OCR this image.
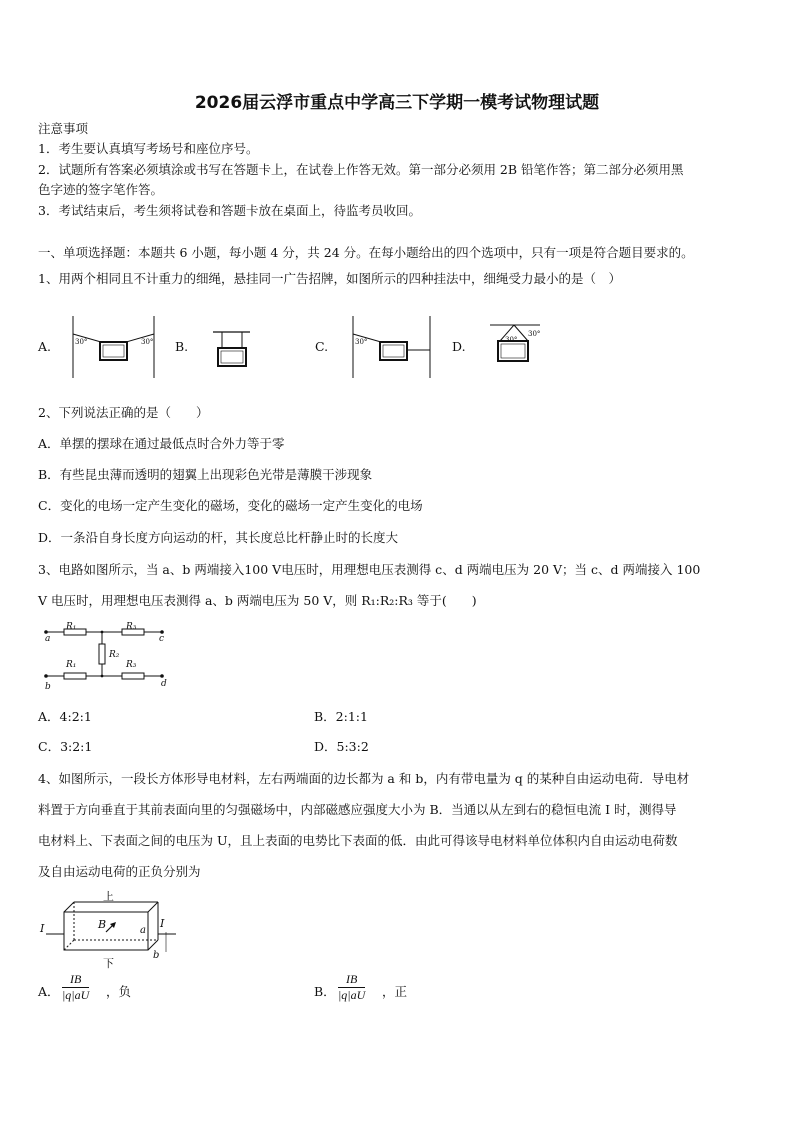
2026届云浮市重点中学高三下学期一模考试物理试题
注意事项
1．考生要认真填写考场号和座位序号。
2．试题所有答案必须填涂或书写在答题卡上，在试卷上作答无效。第一部分必须用 2B 铅笔作答；第二部分必须用黑
色字迹的签字笔作答。
3．考试结束后，考生须将试卷和答题卡放在桌面上，待监考员收回。
一、单项选择题：本题共 6 小题，每小题 4 分，共 24 分。在每小题给出的四个选项中，只有一项是符合题目要求的。
1、用两个相同且不计重力的细绳，悬挂同一广告招牌，如图所示的四种挂法中，细绳受力最小的是（　）
A.	30°	30° B.	C.	30°	D.
30°
30°
2、下列说法正确的是（　　）
A．单摆的摆球在通过最低点时合外力等于零
B．有些昆虫薄而透明的翅翼上出现彩色光带是薄膜干涉现象
C．变化的电场一定产生变化的磁场，变化的磁场一定产生变化的电场
D．一条沿自身长度方向运动的杆，其长度总比杆静止时的长度大
3、电路如图所示，当 a、b 两端接入100 V电压时，用理想电压表测得 c、d 两端电压为 20 V；当 c、d 两端接入 100
V 电压时，用理想电压表测得 a、b 两端电压为 50 V，则 R₁:R₂:R₃ 等于(　　)
a
R₁	R₃
c
R₂
R₁	R₃
b	d
A．4:2:1	B．2:1:1
C．3:2:1	D．5:3:2
4、如图所示，一段长方体形导电材料，左右两端面的边长都为 a 和 b，内有带电量为 q 的某种自由运动电荷．导电材
料置于方向垂直于其前表面向里的匀强磁场中，内部磁感应强度大小为 B．当通以从左到右的稳恒电流 I 时，测得导
电材料上、下表面之间的电压为 U，且上表面的电势比下表面的低．由此可得该导电材料单位体积内自由运动电荷数
及自由运动电荷的正负分别为
上
下
I	I
B	a
b
A． $\frac{IB}{|q|aU}$ ，负	B． $\frac{IB}{|q|aU}$ ，正
